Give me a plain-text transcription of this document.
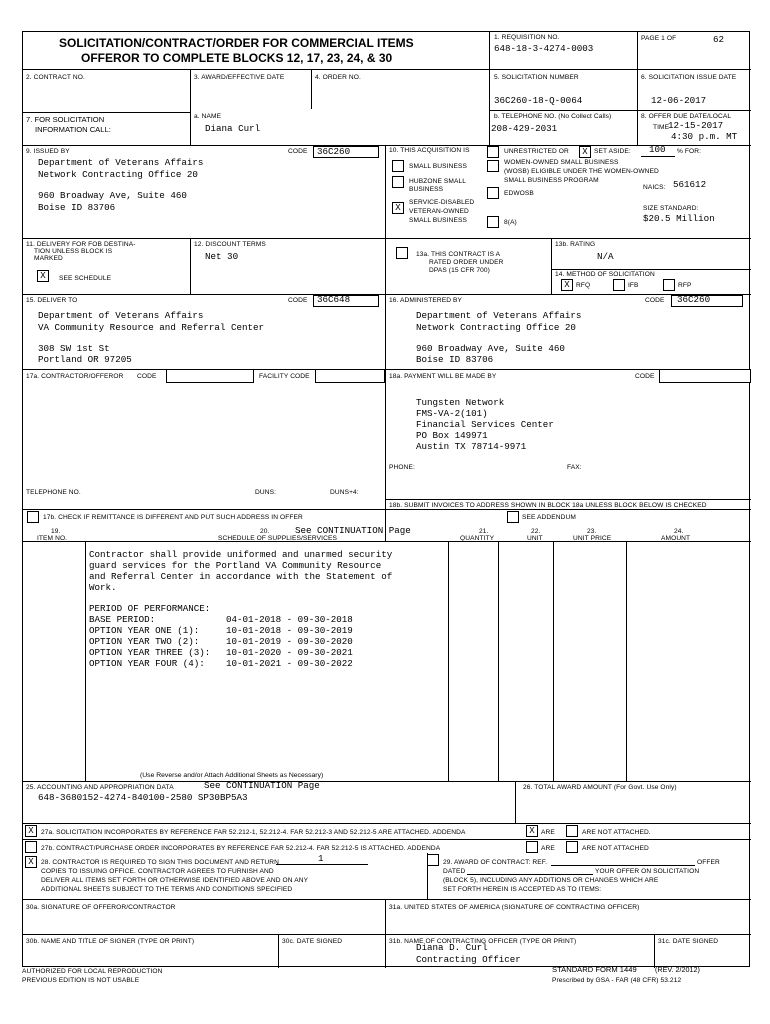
SOLICITATION/CONTRACT/ORDER FOR COMMERCIAL ITEMS
OFFEROR TO COMPLETE BLOCKS 12, 17, 23, 24, & 30
1. REQUISITION NO.
648-18-3-4274-0003
PAGE 1 OF	62
2. CONTRACT NO.	3. AWARD/EFFECTIVE DATE	4. ORDER NO.	5. SOLICITATION NUMBER
36C260-18-Q-0064
6. SOLICITATION ISSUE DATE
12-06-2017
7. FOR SOLICITATION
INFORMATION CALL:
a. NAME
Diana Curl
b. TELEPHONE NO. (No Collect Calls)
208-429-2031
8. OFFER DUE DATE/LOCAL
TIME
12-15-2017
4:30 p.m. MT
9. ISSUED BY	CODE 36C260
Department of Veterans Affairs
Network Contracting Office 20
960 Broadway Ave, Suite 460
Boise ID 83706
10. THIS ACQUISITION IS	UNRESTRICTED OR	X SET ASIDE: 100 % FOR:
SMALL BUSINESS
HUBZONE SMALL
BUSINESS
X
SERVICE-DISABLED
VETERAN-OWNED
SMALL BUSINESS
WOMEN-OWNED SMALL BUSINESS
(WOSB) ELIGIBLE UNDER THE WOMEN-OWNED
SMALL BUSINESS PROGRAM
EDWOSB
8(A)
NAICS: 561612
SIZE STANDARD:
$20.5 Million
11. DELIVERY FOR FOB DESTINA-
TION UNLESS BLOCK IS
MARKED
X	SEE SCHEDULE
12. DISCOUNT TERMS
Net 30	13a. THIS CONTRACT IS A
RATED ORDER UNDER
DPAS (15 CFR 700)
13b. RATING
N/A
14. METHOD OF SOLICITATION
X RFQ	IFB	RFP
15. DELIVER TO	CODE 36C648
Department of Veterans Affairs
VA Community Resource and Referral Center
308 SW 1st St
Portland OR 97205
16. ADMINISTERED BY	CODE 36C260
Department of Veterans Affairs
Network Contracting Office 20
960 Broadway Ave, Suite 460
Boise ID 83706
17a. CONTRACTOR/OFFEROR CODE	FACILITY CODE
TELEPHONE NO.	DUNS:	DUNS+4:
17b. CHECK IF REMITTANCE IS DIFFERENT AND PUT SUCH ADDRESS IN OFFER
18a. PAYMENT WILL BE MADE BY	CODE
Tungsten Network
FMS-VA-2(101)
Financial Services Center
PO Box 149971
Austin TX 78714-9971
PHONE:	FAX:
18b. SUBMIT INVOICES TO ADDRESS SHOWN IN BLOCK 18a UNLESS BLOCK BELOW IS CHECKED
SEE ADDENDUM
19.
ITEM NO.
20.
SCHEDULE OF SUPPLIES/SERVICES
See CONTINUATION Page	21.
QUANTITY
22.
UNIT
23.
UNIT PRICE
24.
AMOUNT
Contractor shall provide uniformed and unarmed security
guard services for the Portland VA Community Resource
and Referral Center in accordance with the Statement of
Work.
PERIOD OF PERFORMANCE:
(Use Reverse and/or Attach Additional Sheets as Necessary)
25. ACCOUNTING AND APPROPRIATION DATA	See CONTINUATION Page
648-3680152-4274-840100-2580 SP30BP5A3
26. TOTAL AWARD AMOUNT (For Govt. Use Only)
X	27a. SOLICITATION INCORPORATES BY REFERENCE FAR 52.212-1, 52.212-4. FAR 52.212-3 AND 52.212-5 ARE ATTACHED. ADDENDA	X ARE	ARE NOT ATTACHED.
27b. CONTRACT/PURCHASE ORDER INCORPORATES BY REFERENCE FAR 52.212-4. FAR 52.212-5 IS ATTACHED. ADDENDA	ARE	ARE NOT ATTACHED
X	28. CONTRACTOR IS REQUIRED TO SIGN THIS DOCUMENT AND RETURN	1
COPIES TO ISSUING OFFICE. CONTRACTOR AGREES TO FURNISH AND
DELIVER ALL ITEMS SET FORTH OR OTHERWISE IDENTIFIED ABOVE AND ON ANY
ADDITIONAL SHEETS SUBJECT TO THE TERMS AND CONDITIONS SPECIFIED
29. AWARD OF CONTRACT: REF.	OFFER
DATED	YOUR OFFER ON SOLICITATION
(BLOCK 5), INCLUDING ANY ADDITIONS OR CHANGES WHICH ARE
SET FORTH HEREIN IS ACCEPTED AS TO ITEMS:
30a. SIGNATURE OF OFFEROR/CONTRACTOR	31a. UNITED STATES OF AMERICA (SIGNATURE OF CONTRACTING OFFICER)
30b. NAME AND TITLE OF SIGNER (TYPE OR PRINT)	30c. DATE SIGNED	31b. NAME OF CONTRACTING OFFICER (TYPE OR PRINT)
Diana D. Curl
Contracting Officer
31c. DATE SIGNED
BASE PERIOD:	04-01-2018 - 09-30-2018
OPTION YEAR ONE (1):	10-01-2018 - 09-30-2019
OPTION YEAR TWO (2):	10-01-2019 - 09-30-2020
OPTION YEAR THREE (3): 10-01-2020 - 09-30-2021
OPTION YEAR FOUR (4): 10-01-2021 - 09-30-2022
AUTHORIZED FOR LOCAL REPRODUCTION
PREVIOUS EDITION IS NOT USABLE
STANDARD FORM 1449	(REV. 2/2012)
Prescribed by GSA - FAR (48 CFR) 53.212
